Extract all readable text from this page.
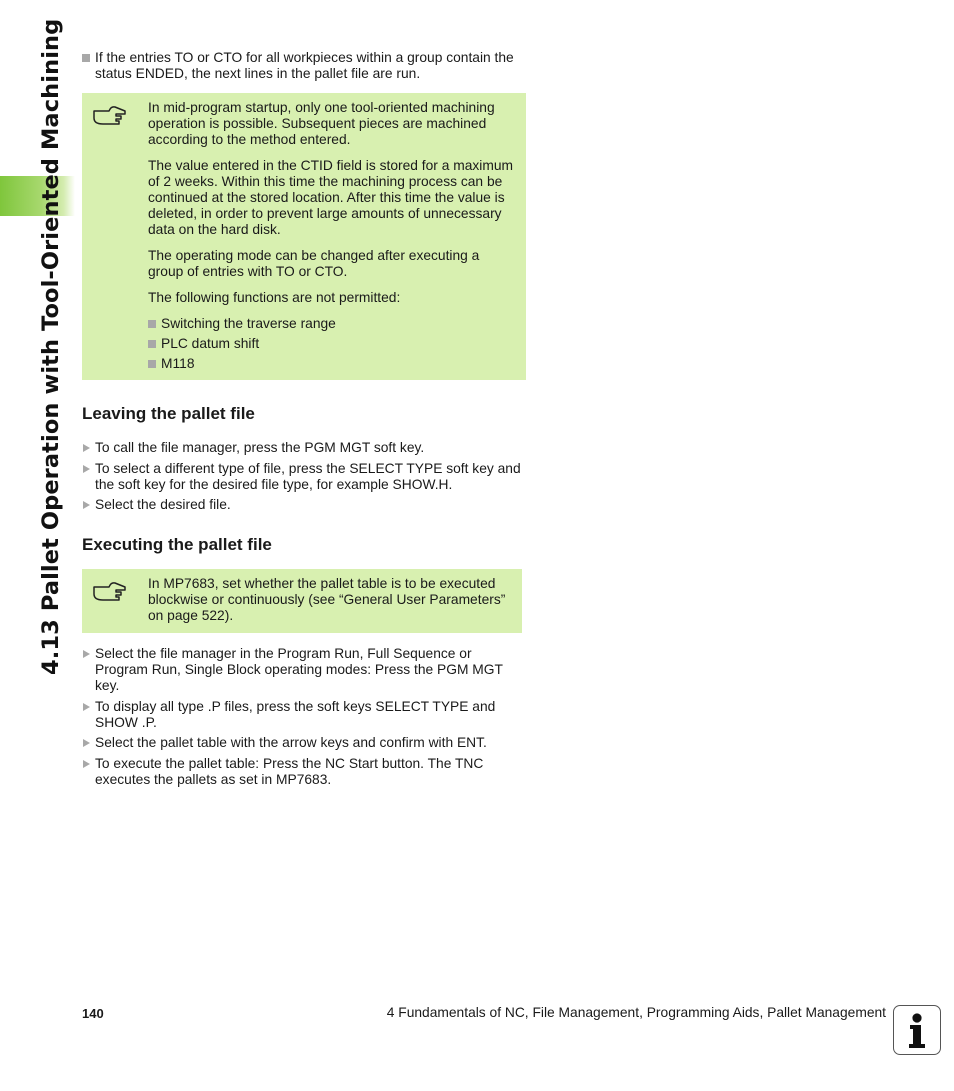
4.13 Pallet Operation with Tool-Oriented Machining	If the entries TO or CTO for all workpieces within a group contain the status ENDED, the next lines in the pallet file are run.

In mid-program startup, only one tool-oriented machining operation is possible. Subsequent pieces are machined according to the method entered.

The value entered in the CTID field is stored for a maximum of 2 weeks. Within this time the machining process can be continued at the stored location. After this time the value is deleted, in order to prevent large amounts of unnecessary data on the hard disk.

The operating mode can be changed after executing a group of entries with TO or CTO.

The following functions are not permitted:

Switching the traverse range
PLC datum shift
M118
Leaving the pallet file
To call the file manager, press the PGM MGT soft key.
To select a different type of file, press the SELECT TYPE soft key and the soft key for the desired file type, for example SHOW.H.
Select the desired file.
Executing the pallet file

In MP7683, set whether the pallet table is to be executed blockwise or continuously (see “General User Parameters” on page 522).

Select the file manager in the Program Run, Full Sequence or Program Run, Single Block operating modes: Press the PGM MGT key.
To display all type .P files, press the soft keys SELECT TYPE and SHOW .P.
Select the pallet table with the arrow keys and confirm with ENT.
To execute the pallet table: Press the NC Start button. The TNC executes the pallets as set in MP7683.
140	4 Fundamentals of NC, File Management, Programming Aids, Pallet Management
